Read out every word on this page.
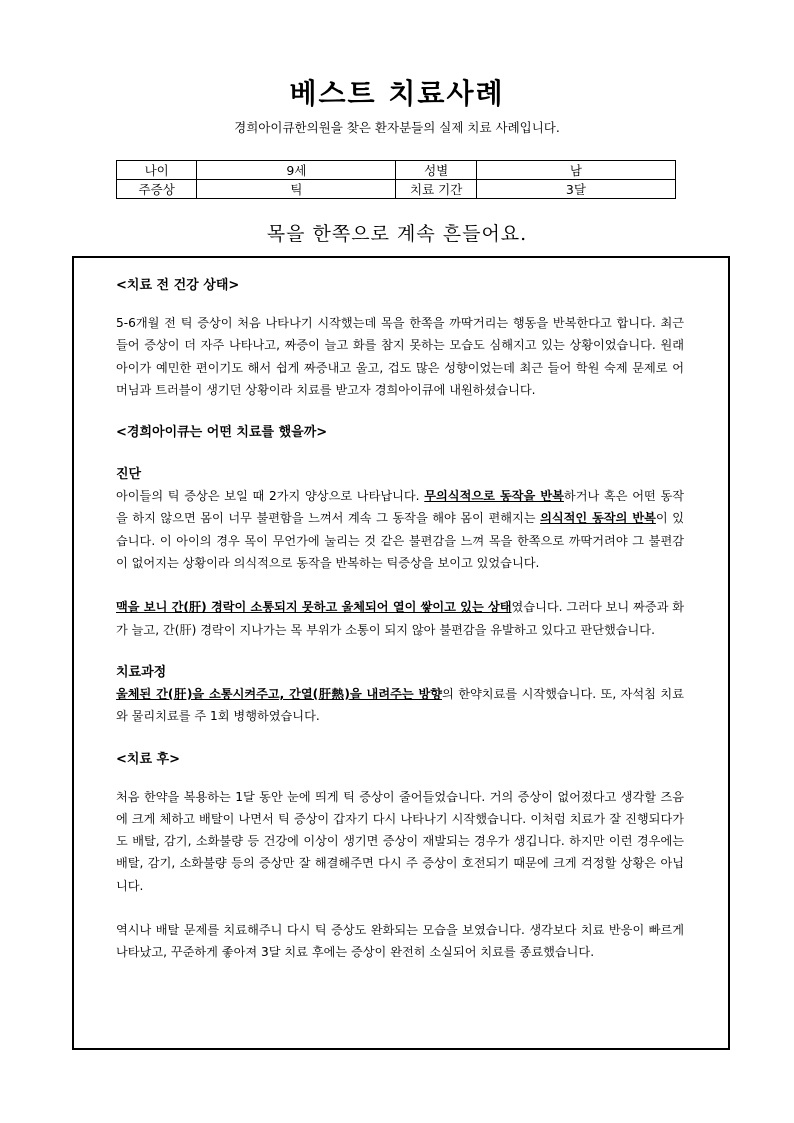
베스트 치료사례
경희아이큐한의원을 찾은 환자분들의 실제 치료 사례입니다.
나이	9세	성별	남
주증상	틱	치료 기간	3달
목을 한쪽으로 계속 흔들어요.

<치료 전 건강 상태>

5-6개월 전 틱 증상이 처음 나타나기 시작했는데 목을 한쪽을 까딱거리는 행동을 반복한다고 합니다. 최근 들어 증상이 더 자주 나타나고, 짜증이 늘고 화를 참지 못하는 모습도 심해지고 있는 상황이었습니다. 원래 아이가 예민한 편이기도 해서 쉽게 짜증내고 울고, 겁도 많은 성향이었는데 최근 들어 학원 숙제 문제로 어머님과 트러블이 생기던 상황이라 치료를 받고자 경희아이큐에 내원하셨습니다.

<경희아이큐는 어떤 치료를 했을까>

진단

아이들의 틱 증상은 보일 때 2가지 양상으로 나타납니다. 무의식적으로 동작을 반복하거나 혹은 어떤 동작을 하지 않으면 몸이 너무 불편함을 느껴서 계속 그 동작을 해야 몸이 편해지는 의식적인 동작의 반복이 있습니다. 이 아이의 경우 목이 무언가에 눌리는 것 같은 불편감을 느껴 목을 한쪽으로 까딱거려야 그 불편감이 없어지는 상황이라 의식적으로 동작을 반복하는 틱증상을 보이고 있었습니다.

맥을 보니 간(肝) 경락이 소통되지 못하고 울체되어 열이 쌓이고 있는 상태였습니다. 그러다 보니 짜증과 화가 늘고, 간(肝) 경락이 지나가는 목 부위가 소통이 되지 않아 불편감을 유발하고 있다고 판단했습니다.

치료과정

울체된 간(肝)을 소통시켜주고, 간열(肝熱)을 내려주는 방향의 한약치료를 시작했습니다. 또, 자석침 치료와 물리치료를 주 1회 병행하였습니다.

<치료 후>

처음 한약을 복용하는 1달 동안 눈에 띄게 틱 증상이 줄어들었습니다. 거의 증상이 없어졌다고 생각할 즈음에 크게 체하고 배탈이 나면서 틱 증상이 갑자기 다시 나타나기 시작했습니다. 이처럼 치료가 잘 진행되다가도 배탈, 감기, 소화불량 등 건강에 이상이 생기면 증상이 재발되는 경우가 생깁니다. 하지만 이런 경우에는 배탈, 감기, 소화불량 등의 증상만 잘 해결해주면 다시 주 증상이 호전되기 때문에 크게 걱정할 상황은 아닙니다.

역시나 배탈 문제를 치료해주니 다시 틱 증상도 완화되는 모습을 보였습니다. 생각보다 치료 반응이 빠르게 나타났고, 꾸준하게 좋아져 3달 치료 후에는 증상이 완전히 소실되어 치료를 종료했습니다.
